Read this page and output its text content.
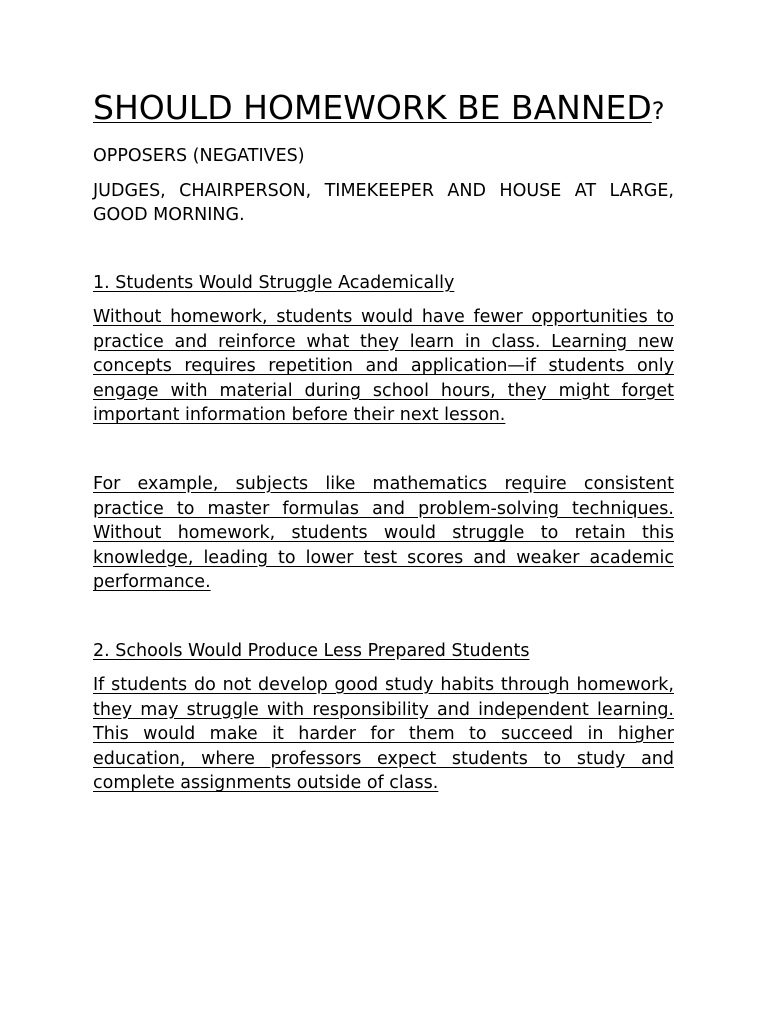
SHOULD HOMEWORK BE BANNED?

OPPOSERS (NEGATIVES)

JUDGES, CHAIRPERSON, TIMEKEEPER AND HOUSE AT LARGE, GOOD MORNING.

1. Students Would Struggle Academically

Without homework, students would have fewer opportunities to practice and reinforce what they learn in class. Learning new concepts requires repetition and application—if students only engage with material during school hours, they might forget important information before their next lesson.

For example, subjects like mathematics require consistent practice to master formulas and problem-solving techniques. Without homework, students would struggle to retain this knowledge, leading to lower test scores and weaker academic performance.

2. Schools Would Produce Less Prepared Students

If students do not develop good study habits through homework, they may struggle with responsibility and independent learning. This would make it harder for them to succeed in higher education, where professors expect students to study and complete assignments outside of class.
